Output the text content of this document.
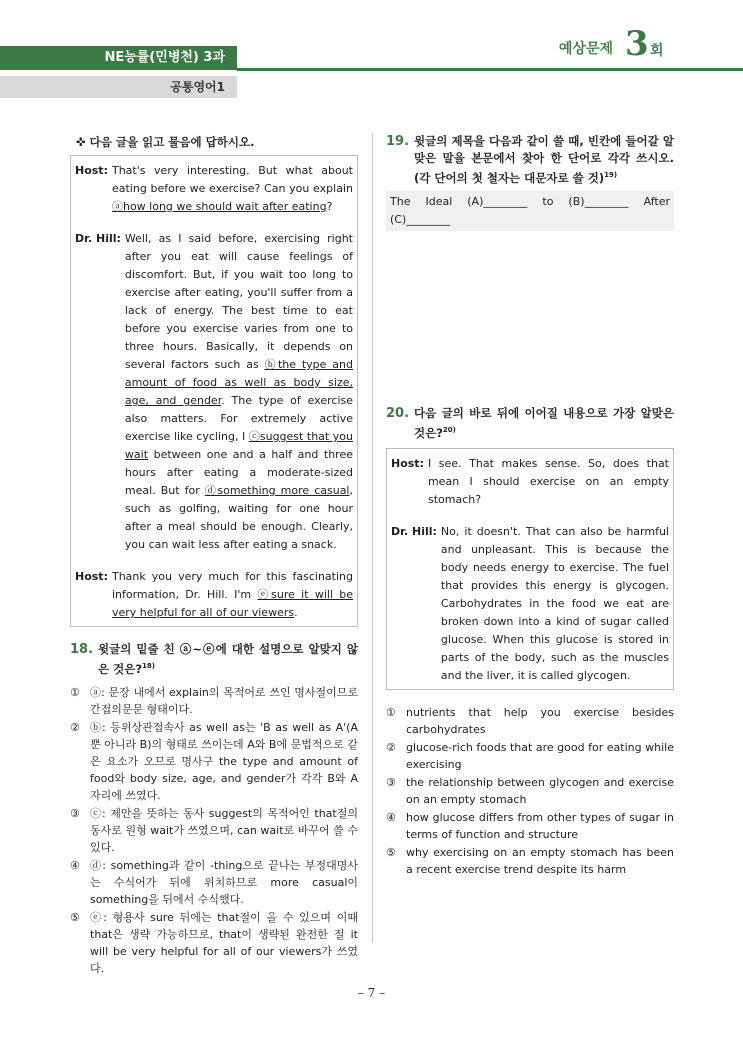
NE능률(민병천) 3과
공통영어1
예상문제 3 회
✜ 다음 글을 읽고 물음에 답하시오.
Host: That's very interesting. But what about eating before we exercise? Can you explain ⓐhow long we should wait after eating?
Dr. Hill: Well, as I said before, exercising right after you eat will cause feelings of discomfort. But, if you wait too long to exercise after eating, you'll suffer from a lack of energy. The best time to eat before you exercise varies from one to three hours. Basically, it depends on several factors such as ⓑthe type and amount of food as well as body size, age, and gender. The type of exercise also matters. For extremely active exercise like cycling, I ⓒsuggest that you wait between one and a half and three hours after eating a moderate-sized meal. But for ⓓsomething more casual, such as golfing, waiting for one hour after a meal should be enough. Clearly, you can wait less after eating a snack.
Host: Thank you very much for this fascinating information, Dr. Hill. I'm ⓔsure it will be very helpful for all of our viewers.
18. 윗글의 밑줄 친 ⓐ~ⓔ에 대한 설명으로 알맞지 않은 것은?$^{18)}$
① ⓐ: 문장 내에서 explain의 목적어로 쓰인 명사절이므로 간접의문문 형태이다.
② ⓑ: 등위상관접속사 as well as는 'B as well as A'(A뿐 아니라 B)의 형태로 쓰이는데 A와 B에 문법적으로 같은 요소가 오므로 명사구 the type and amount of food와 body size, age, and gender가 각각 B와 A 자리에 쓰였다.
③ ⓒ: 제안을 뜻하는 동사 suggest의 목적어인 that절의 동사로 원형 wait가 쓰였으며, can wait로 바꾸어 쓸 수 있다.
④ ⓓ: something과 같이 -thing으로 끝나는 부정대명사는 수식어가 뒤에 위치하므로 more casual이 something을 뒤에서 수식했다.
⑤ ⓔ: 형용사 sure 뒤에는 that절이 올 수 있으며 이때 that은 생략 가능하므로, that이 생략된 완전한 절 it will be very helpful for all of our viewers가 쓰였다.
19. 윗글의 제목을 다음과 같이 쓸 때, 빈칸에 들어갈 알맞은 말을 본문에서 찾아 한 단어로 각각 쓰시오. (각 단어의 첫 철자는 대문자로 쓸 것)$^{19)}$
The Ideal (A)________ to (B)________ After (C)________
20. 다음 글의 바로 뒤에 이어질 내용으로 가장 알맞은 것은?$^{20)}$
Host: I see. That makes sense. So, does that mean I should exercise on an empty stomach?
Dr. Hill: No, it doesn't. That can also be harmful and unpleasant. This is because the body needs energy to exercise. The fuel that provides this energy is glycogen. Carbohydrates in the food we eat are broken down into a kind of sugar called glucose. When this glucose is stored in parts of the body, such as the muscles and the liver, it is called glycogen.
① nutrients that help you exercise besides carbohydrates
② glucose-rich foods that are good for eating while exercising
③ the relationship between glycogen and exercise on an empty stomach
④ how glucose differs from other types of sugar in terms of function and structure
⑤ why exercising on an empty stomach has been a recent exercise trend despite its harm
– 7 –
